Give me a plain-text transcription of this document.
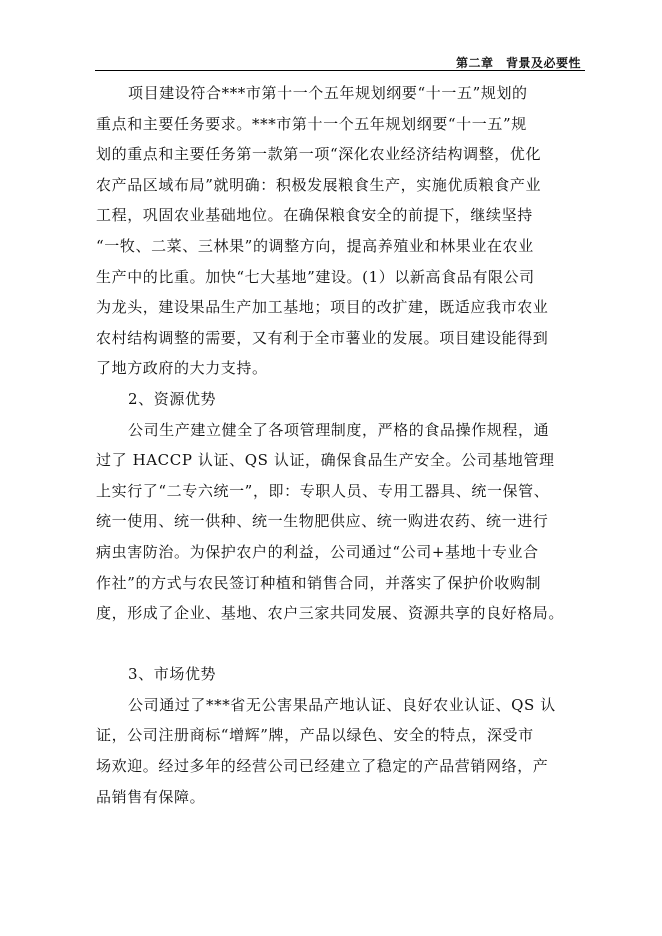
第二章　背景及必要性
项目建设符合***市第十一个五年规划纲要“十一五”规划的
重点和主要任务要求。***市第十一个五年规划纲要“十一五”规
划的重点和主要任务第一款第一项“深化农业经济结构调整，优化
农产品区域布局”就明确：积极发展粮食生产，实施优质粮食产业
工程，巩固农业基础地位。在确保粮食安全的前提下，继续坚持
“一牧、二菜、三林果”的调整方向，提高养殖业和林果业在农业
生产中的比重。加快“七大基地”建设。(1）以新高食品有限公司
为龙头，建设果品生产加工基地；项目的改扩建，既适应我市农业
农村结构调整的需要，又有利于全市薯业的发展。项目建设能得到
了地方政府的大力支持。
2、资源优势
公司生产建立健全了各项管理制度，严格的食品操作规程，通
过了 HACCP 认证、QS 认证，确保食品生产安全。公司基地管理
上实行了“二专六统一”，即：专职人员、专用工器具、统一保管、
统一使用、统一供种、统一生物肥供应、统一购进农药、统一进行
病虫害防治。为保护农户的利益，公司通过“公司+基地十专业合
作社”的方式与农民签订种植和销售合同，并落实了保护价收购制
度，形成了企业、基地、农户三家共同发展、资源共享的良好格局。
3、市场优势
公司通过了***省无公害果品产地认证、良好农业认证、QS 认
证，公司注册商标“增辉”牌，产品以绿色、安全的特点，深受市
场欢迎。经过多年的经营公司已经建立了稳定的产品营销网络，产
品销售有保障。
